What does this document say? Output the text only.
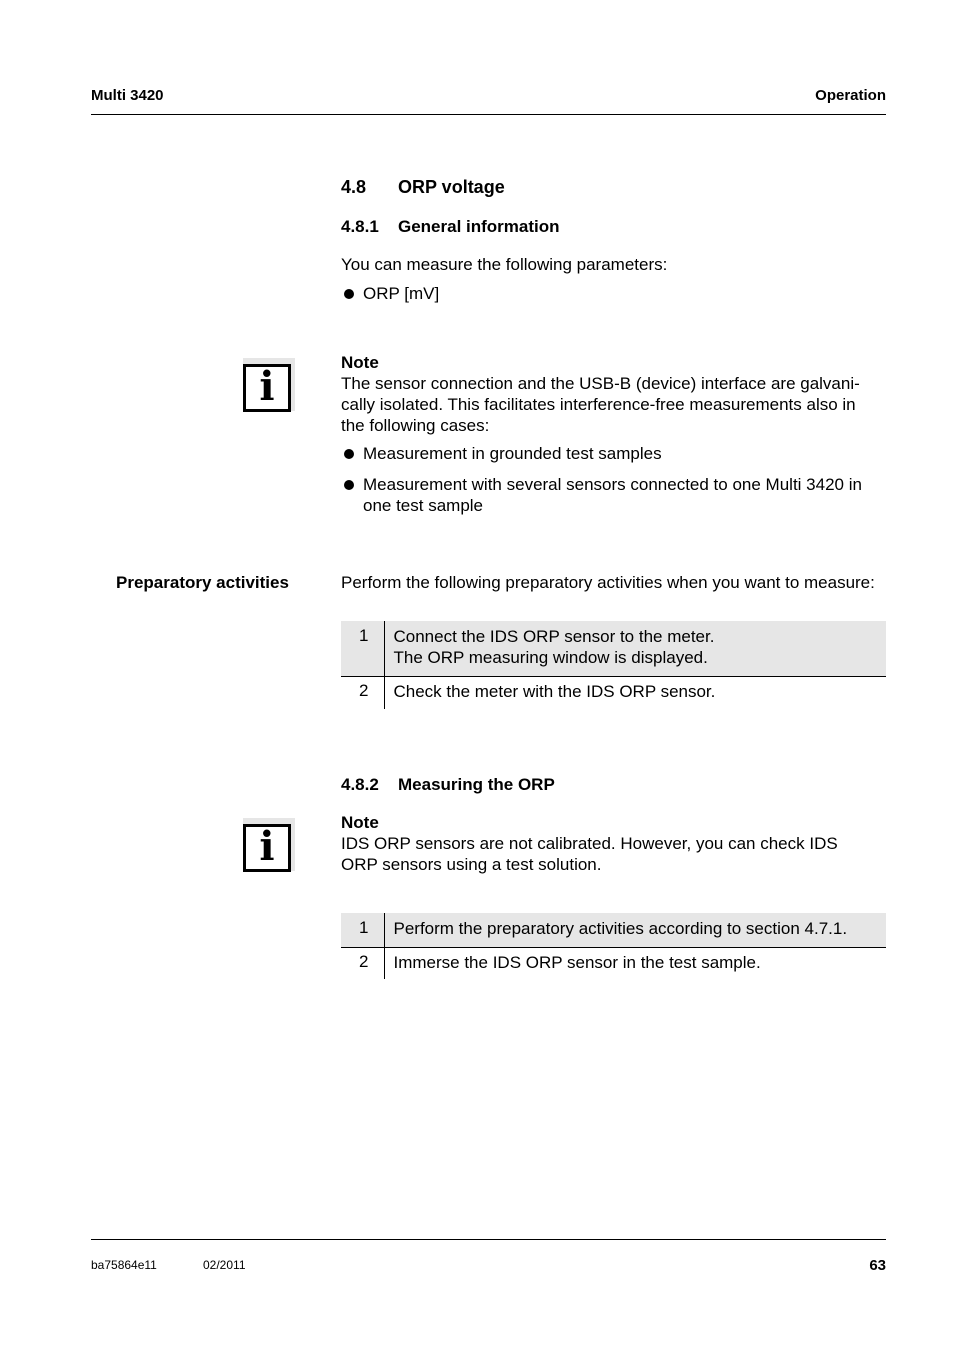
Multi 3420	Operation
4.8 ORP voltage
4.8.1 General information
You can measure the following parameters:
ORP [mV]
i
Note
The sensor connection and the USB-B (device) interface are galvani-
cally isolated. This facilitates interference-free measurements also in
the following cases:
Measurement in grounded test samples
Measurement with several sensors connected to one Multi 3420 in
one test sample
Preparatory activities	Perform the following preparatory activities when you want to measure:
1	Connect the IDS ORP sensor to the meter.
The ORP measuring window is displayed.

2	Check the meter with the IDS ORP sensor.
4.8.2 Measuring the ORP
i
Note
IDS ORP sensors are not calibrated. However, you can check IDS
ORP sensors using a test solution.
1	Perform the preparatory activities according to section 4.7.1.

2	Immerse the IDS ORP sensor in the test sample.
ba75864e11	02/2011	63
